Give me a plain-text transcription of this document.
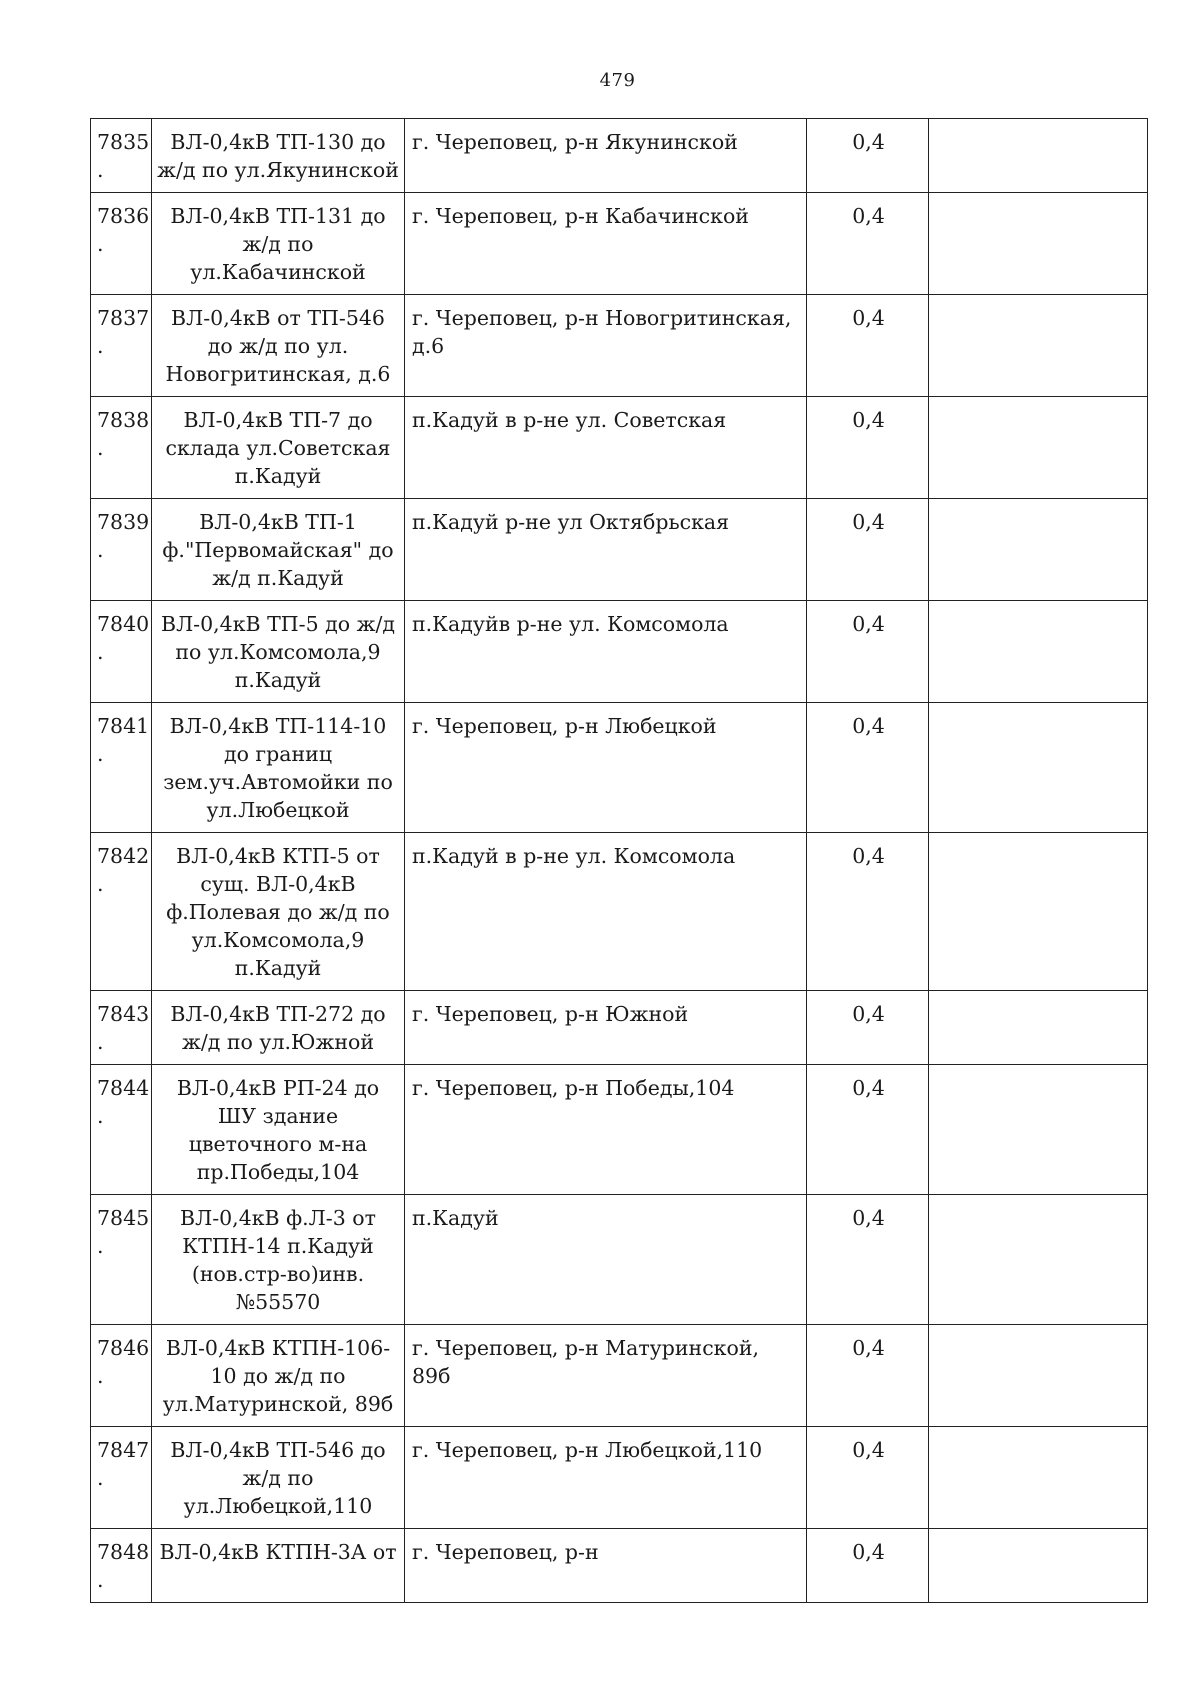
479
7835.	ВЛ-0,4кВ ТП-130 до ж/д по ул.Якунинской	г. Череповец, р-н Якунинской	0,4	
7836.	ВЛ-0,4кВ ТП-131 до ж/д по ул.Кабачинской	г. Череповец, р-н Кабачинской	0,4	
7837.	ВЛ-0,4кВ от ТП-546 до ж/д по ул. Новогритинская, д.6	г. Череповец, р-н Новогритинская, д.6	0,4	
7838.	ВЛ-0,4кВ ТП-7 до склада ул.Советская п.Кадуй	п.Кадуй в р-не ул. Советская	0,4	
7839.	ВЛ-0,4кВ ТП-1 ф."Первомайская" до ж/д п.Кадуй	п.Кадуй р-не ул Октябрьская	0,4	
7840.	ВЛ-0,4кВ ТП-5 до ж/д по ул.Комсомола,9 п.Кадуй	п.Кадуйв р-не ул. Комсомола	0,4	
7841.	ВЛ-0,4кВ ТП-114-10 до границ зем.уч.Автомойки по ул.Любецкой	г. Череповец, р-н Любецкой	0,4	
7842.	ВЛ-0,4кВ КТП-5 от сущ. ВЛ-0,4кВ ф.Полевая до ж/д по ул.Комсомола,9 п.Кадуй	п.Кадуй в р-не ул. Комсомола	0,4	
7843.	ВЛ-0,4кВ ТП-272 до ж/д по ул.Южной	г. Череповец, р-н Южной	0,4	
7844.	ВЛ-0,4кВ РП-24 до ШУ здание цветочного м-на пр.Победы,104	г. Череповец, р-н Победы,104	0,4	
7845.	ВЛ-0,4кВ ф.Л-3 от КТПН-14 п.Кадуй (нов.стр-во)инв.№55570	п.Кадуй	0,4	
7846.	ВЛ-0,4кВ КТПН-106-10 до ж/д по ул.Матуринской, 89б	г. Череповец, р-н Матуринской, 89б	0,4	
7847.	ВЛ-0,4кВ ТП-546 до ж/д по ул.Любецкой,110	г. Череповец, р-н Любецкой,110	0,4	
7848.	ВЛ-0,4кВ КТПН-3А от	г. Череповец, р-н	0,4	
